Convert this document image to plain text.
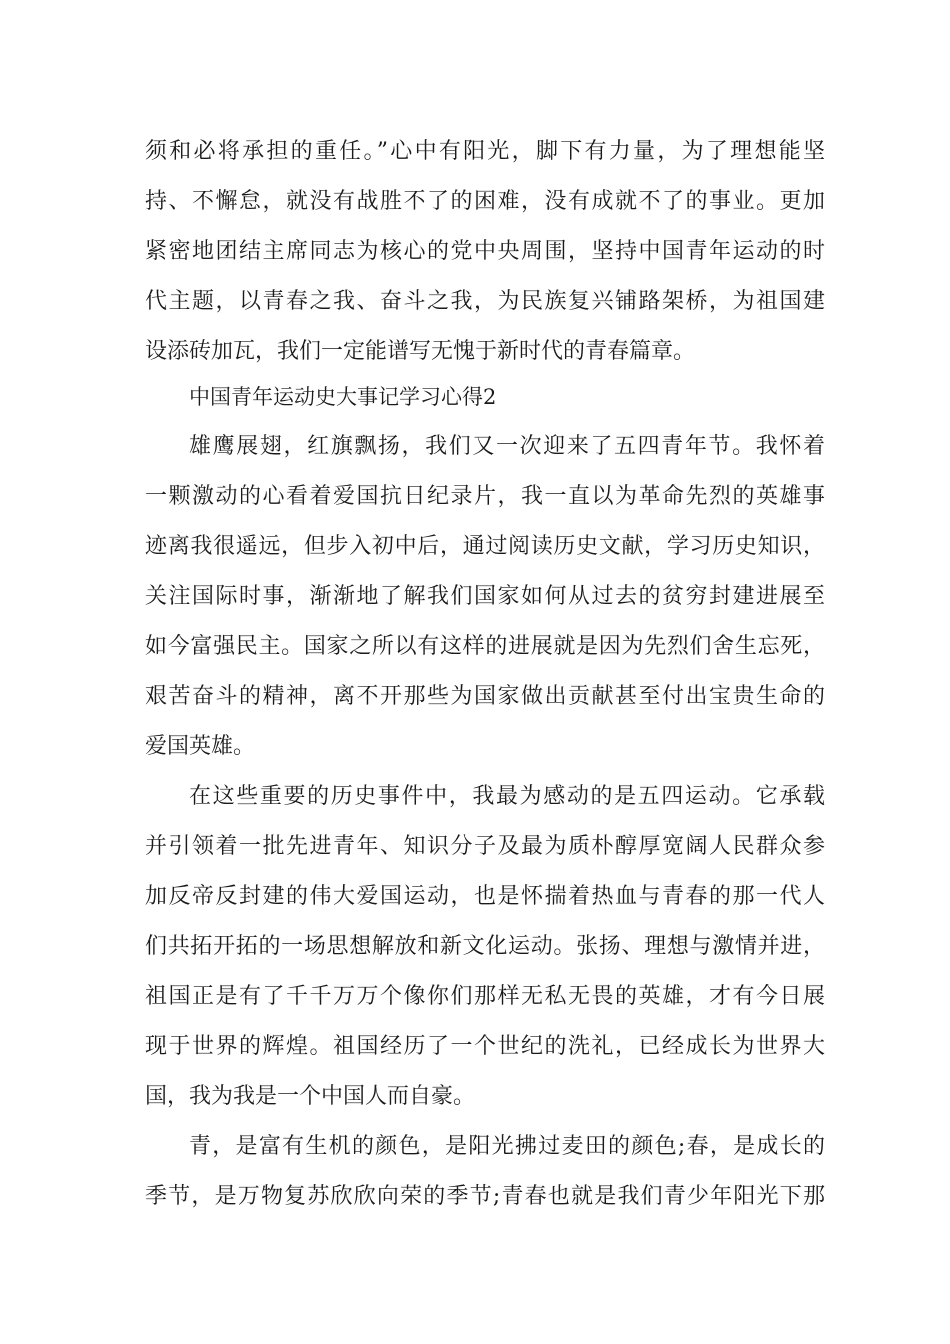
须和必将承担的重任。”心中有阳光，脚下有力量，为了理想能坚
持、不懈怠，就没有战胜不了的困难，没有成就不了的事业。更加
紧密地团结主席同志为核心的党中央周围，坚持中国青年运动的时
代主题，以青春之我、奋斗之我，为民族复兴铺路架桥，为祖国建
设添砖加瓦，我们一定能谱写无愧于新时代的青春篇章。
中国青年运动史大事记学习心得2
雄鹰展翅，红旗飘扬，我们又一次迎来了五四青年节。我怀着
一颗激动的心看着爱国抗日纪录片，我一直以为革命先烈的英雄事
迹离我很遥远，但步入初中后，通过阅读历史文献，学习历史知识，
关注国际时事，渐渐地了解我们国家如何从过去的贫穷封建进展至
如今富强民主。国家之所以有这样的进展就是因为先烈们舍生忘死，
艰苦奋斗的精神，离不开那些为国家做出贡献甚至付出宝贵生命的
爱国英雄。
在这些重要的历史事件中，我最为感动的是五四运动。它承载
并引领着一批先进青年、知识分子及最为质朴醇厚宽阔人民群众参
加反帝反封建的伟大爱国运动，也是怀揣着热血与青春的那一代人
们共拓开拓的一场思想解放和新文化运动。张扬、理想与激情并进，
祖国正是有了千千万万个像你们那样无私无畏的英雄，才有今日展
现于世界的辉煌。祖国经历了一个世纪的洗礼，已经成长为世界大
国，我为我是一个中国人而自豪。
青，是富有生机的颜色，是阳光拂过麦田的颜色;春，是成长的
季节，是万物复苏欣欣向荣的季节;青春也就是我们青少年阳光下那
